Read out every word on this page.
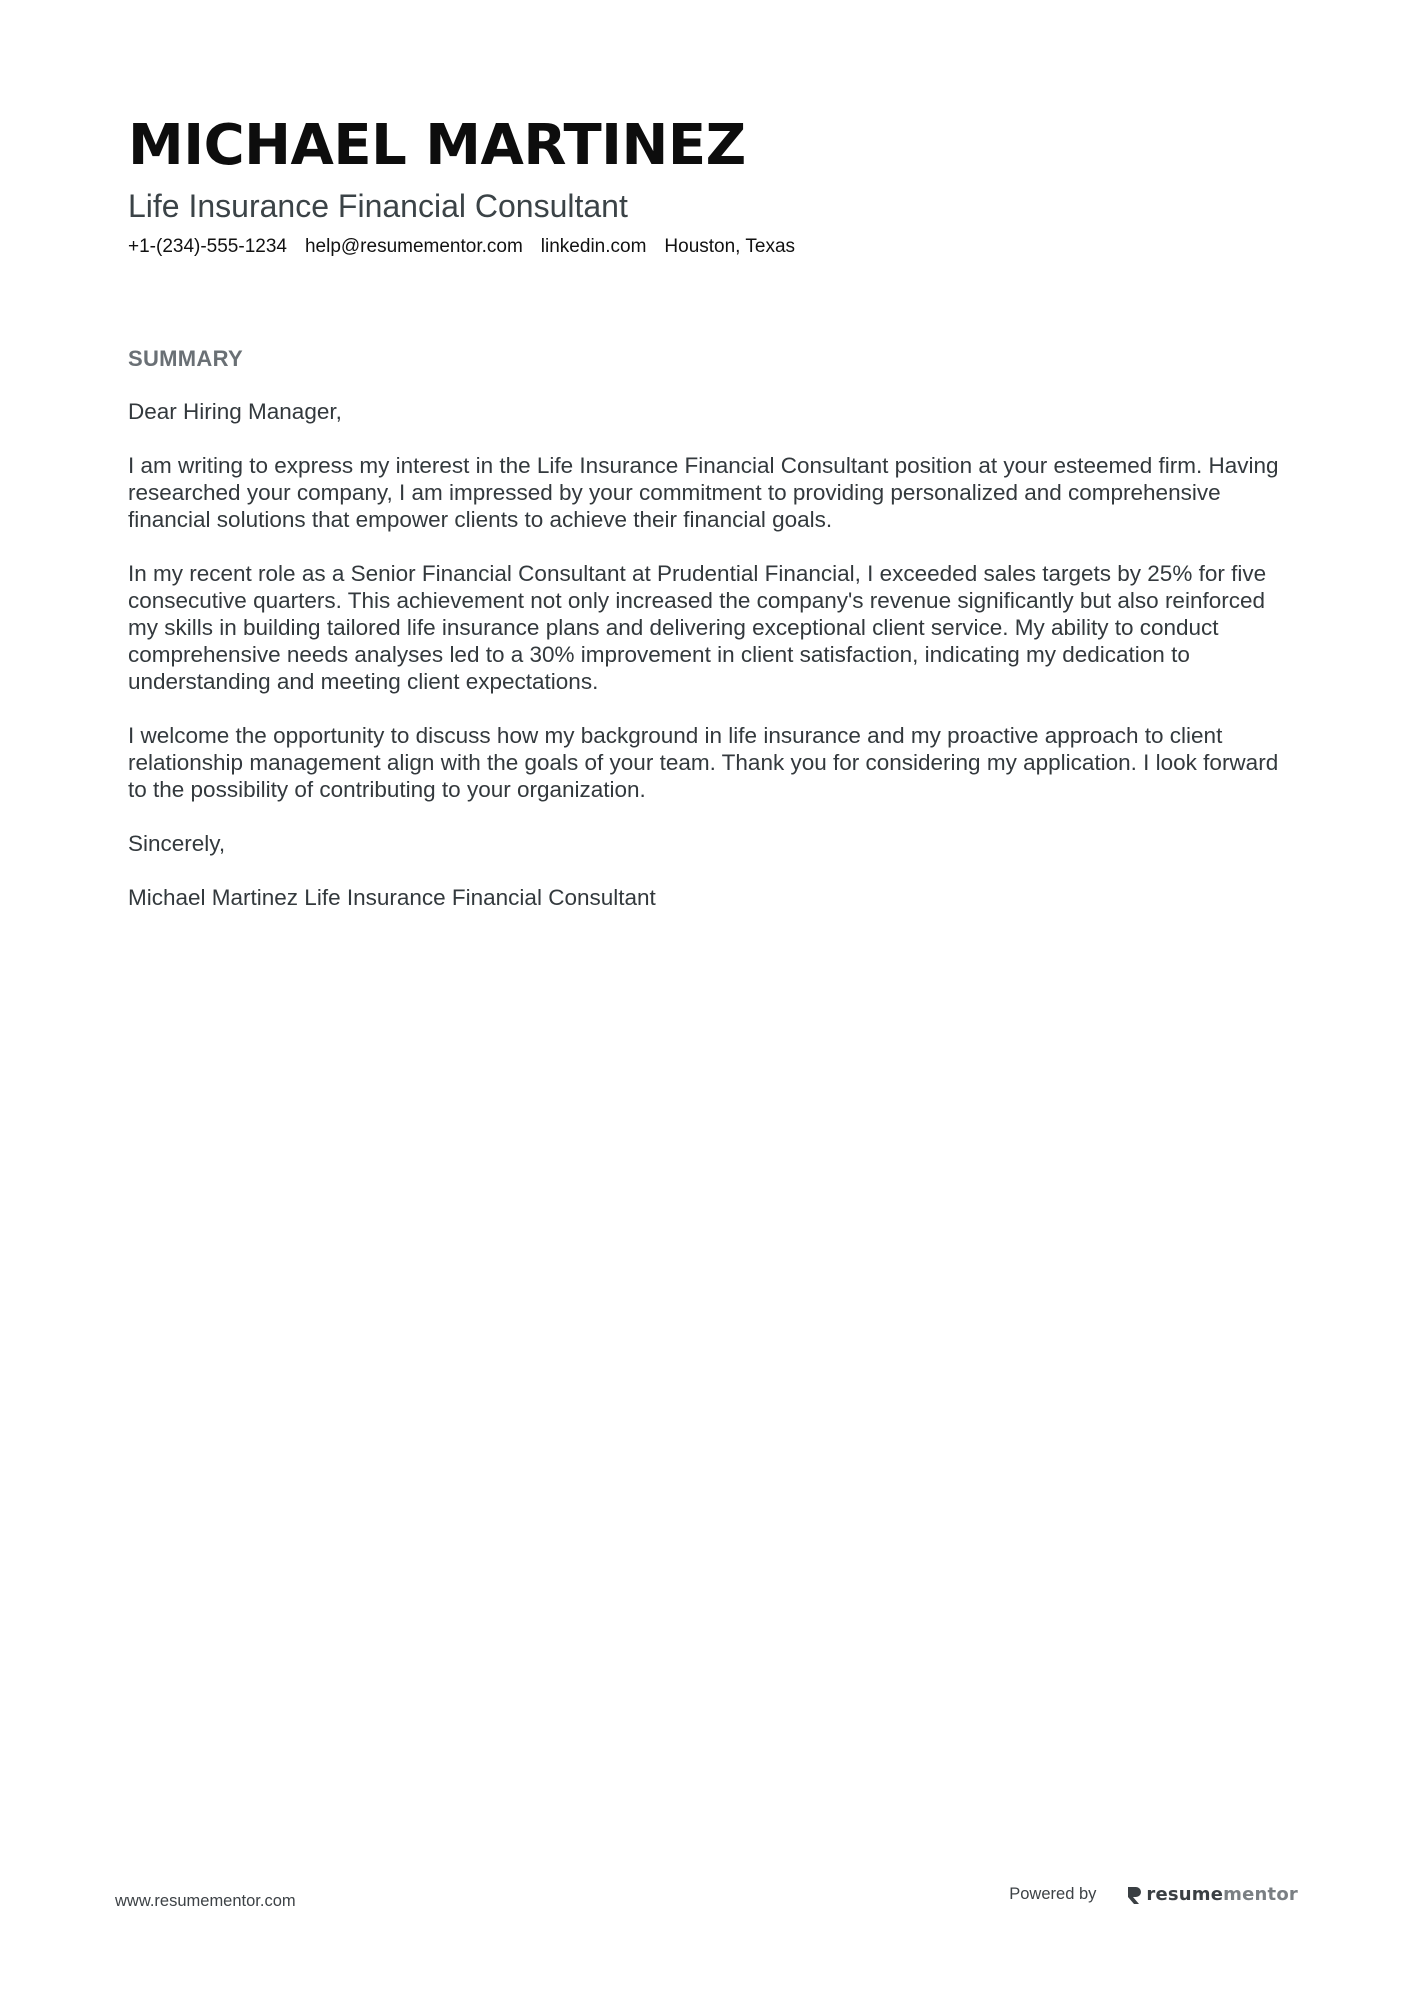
MICHAEL MARTINEZ
Life Insurance Financial Consultant
+1-(234)-555-1234 help@resumementor.com linkedin.com Houston, Texas
SUMMARY

Dear Hiring Manager,

I am writing to express my interest in the Life Insurance Financial Consultant position at your esteemed firm. Having researched your company, I am impressed by your commitment to providing personalized and comprehensive financial solutions that empower clients to achieve their financial goals.

In my recent role as a Senior Financial Consultant at Prudential Financial, I exceeded sales targets by 25% for five consecutive quarters. This achievement not only increased the company's revenue significantly but also reinforced my skills in building tailored life insurance plans and delivering exceptional client service. My ability to conduct comprehensive needs analyses led to a 30% improvement in client satisfaction, indicating my dedication to understanding and meeting client expectations.

I welcome the opportunity to discuss how my background in life insurance and my proactive approach to client relationship management align with the goals of your team. Thank you for considering my application. I look forward to the possibility of contributing to your organization.

Sincerely,

Michael Martinez Life Insurance Financial Consultant

www.resumementor.com	Powered by	resumementor
